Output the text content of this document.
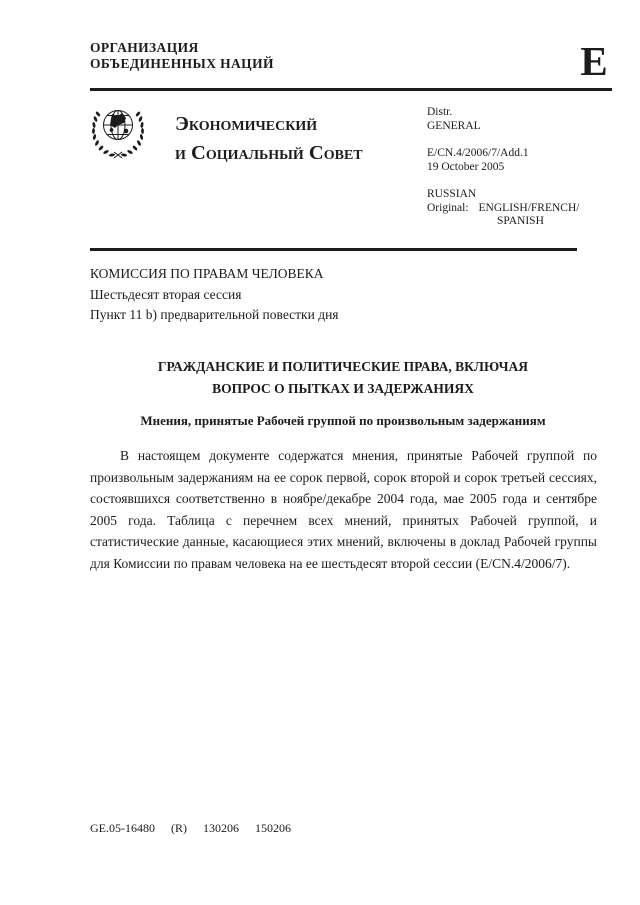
ОРГАНИЗАЦИЯ
ОБЪЕДИНЕННЫХ НАЦИЙ	E
Экономический
и Социальный Совет
Distr.
GENERAL
E/CN.4/2006/7/Add.1
19 October 2005
RUSSIAN
Original: ENGLISH/FRENCH/
SPANISH
КОМИССИЯ ПО ПРАВАМ ЧЕЛОВЕКА
Шестьдесят вторая сессия
Пункт 11 b) предварительной повестки дня
ГРАЖДАНСКИЕ И ПОЛИТИЧЕСКИЕ ПРАВА, ВКЛЮЧАЯ
ВОПРОС О ПЫТКАХ И ЗАДЕРЖАНИЯХ
Мнения, принятые Рабочей группой по произвольным задержаниям
В настоящем документе содержатся мнения, принятые Рабочей группой по произвольным задержаниям на ее сорок первой, сорок второй и сорок третьей сессиях, состоявшихся соответственно в ноябре/декабре 2004 года, мае 2005 года и сентябре 2005 года. Таблица с перечнем всех мнений, принятых Рабочей группой, и статистические данные, касающиеся этих мнений, включены в доклад Рабочей группы для Комиссии по правам человека на ее шестьдесят второй сессии (E/CN.4/2006/7).
GE.05-16480 (R) 130206 150206
